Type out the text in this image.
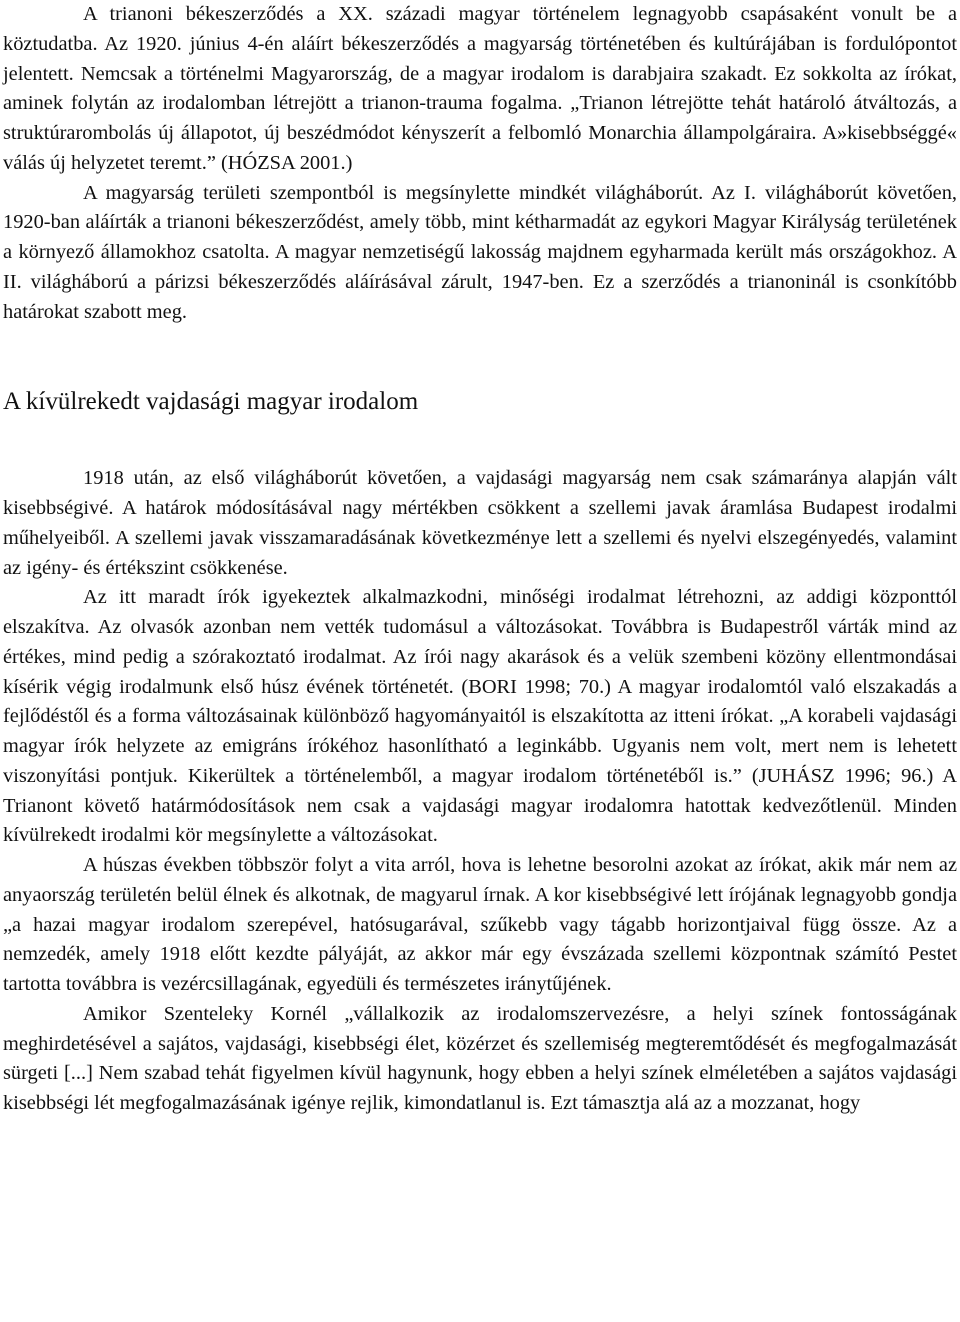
A trianoni békeszerződés a XX. századi magyar történelem legnagyobb csapásaként vonult be a köztudatba. Az 1920. június 4-én aláírt békeszerződés a magyarság történetében és kultúrájában is fordulópontot jelentett. Nemcsak a történelmi Magyarország, de a magyar irodalom is darabjaira szakadt. Ez sokkolta az írókat, aminek folytán az irodalomban létrejött a trianon-trauma fogalma. „Trianon létrejötte tehát határoló átváltozás, a struktúrarombolás új állapotot, új beszédmódot kényszerít a felbomló Monarchia állampolgáraira. A»kisebbséggé« válás új helyzetet teremt.” (HÓZSA 2001.)

A magyarság területi szempontból is megsínylette mindkét világháborút. Az I. világháborút követően, 1920-ban aláírták a trianoni békeszerződést, amely több, mint kétharmadát az egykori Magyar Királyság területének a környező államokhoz csatolta. A magyar nemzetiségű lakosság majdnem egyharmada került más országokhoz. A II. világháború a párizsi békeszerződés aláírásával zárult, 1947-ben. Ez a szerződés a trianoninál is csonkítóbb határokat szabott meg.

A kívülrekedt vajdasági magyar irodalom

1918 után, az első világháborút követően, a vajdasági magyarság nem csak számaránya alapján vált kisebbségivé. A határok módosításával nagy mértékben csökkent a szellemi javak áramlása Budapest irodalmi műhelyeiből. A szellemi javak visszamaradásának következménye lett a szellemi és nyelvi elszegényedés, valamint az igény- és értékszint csökkenése.

Az itt maradt írók igyekeztek alkalmazkodni, minőségi irodalmat létrehozni, az addigi központtól elszakítva. Az olvasók azonban nem vették tudomásul a változásokat. Továbbra is Budapestről várták mind az értékes, mind pedig a szórakoztató irodalmat. Az írói nagy akarások és a velük szembeni közöny ellentmondásai kísérik végig irodalmunk első húsz évének történetét. (BORI 1998; 70.) A magyar irodalomtól való elszakadás a fejlődéstől és a forma változásainak különböző hagyományaitól is elszakította az itteni írókat. „A korabeli vajdasági magyar írók helyzete az emigráns írókéhoz hasonlítható a leginkább. Ugyanis nem volt, mert nem is lehetett viszonyítási pontjuk. Kikerültek a történelemből, a magyar irodalom történetéből is.” (JUHÁSZ 1996; 96.) A Trianont követő határmódosítások nem csak a vajdasági magyar irodalomra hatottak kedvezőtlenül. Minden kívülrekedt irodalmi kör megsínylette a változásokat.

A húszas években többször folyt a vita arról, hova is lehetne besorolni azokat az írókat, akik már nem az anyaország területén belül élnek és alkotnak, de magyarul írnak. A kor kisebbségivé lett írójának legnagyobb gondja „a hazai magyar irodalom szerepével, hatósugarával, szűkebb vagy tágabb horizontjaival függ össze. Az a nemzedék, amely 1918 előtt kezdte pályáját, az akkor már egy évszázada szellemi központnak számító Pestet tartotta továbbra is vezércsillagának, egyedüli és természetes iránytűjének.

Amikor Szenteleky Kornél „vállalkozik az irodalomszervezésre, a helyi színek fontosságának meghirdetésével a sajátos, vajdasági, kisebbségi élet, közérzet és szellemiség megteremtődését és megfogalmazását sürgeti [...] Nem szabad tehát figyelmen kívül hagynunk, hogy ebben a helyi színek elméletében a sajátos vajdasági kisebbségi lét megfogalmazásának igénye rejlik, kimondatlanul is. Ezt támasztja alá az a mozzanat, hogy
